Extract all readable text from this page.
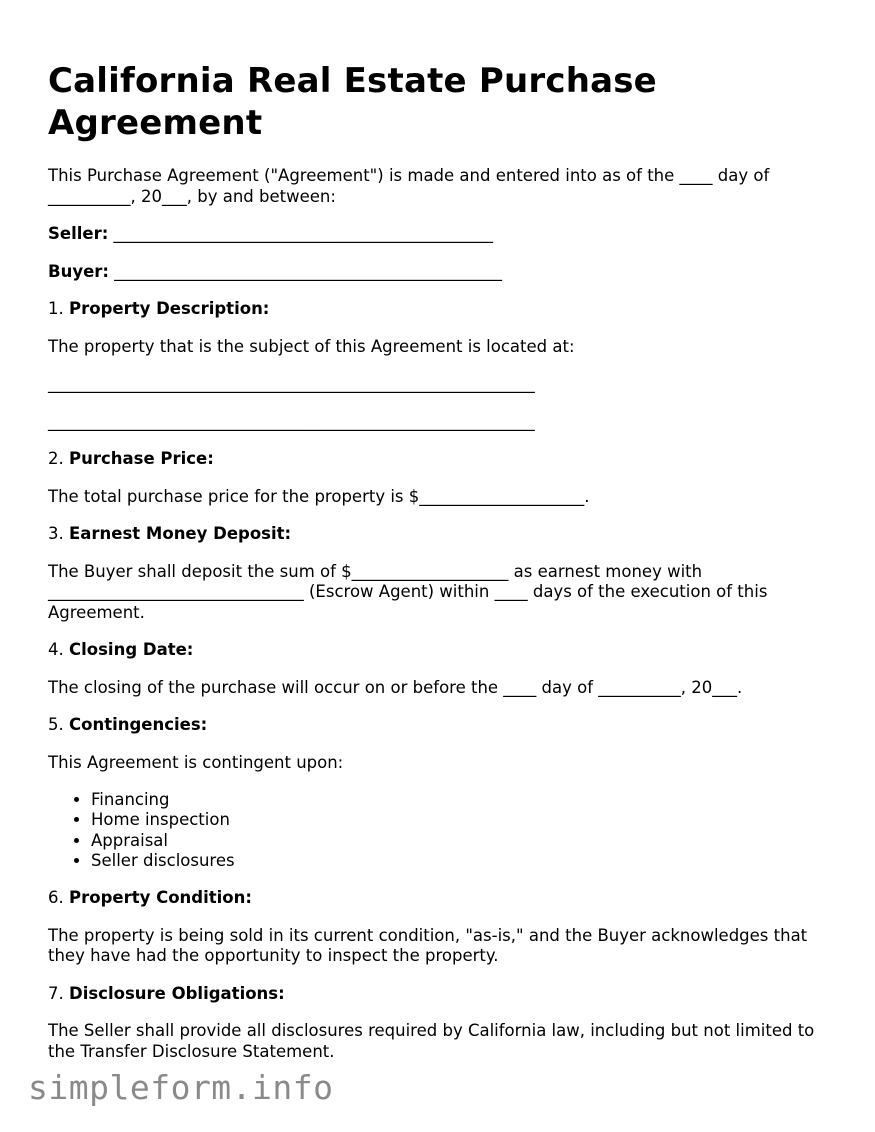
California Real Estate Purchase Agreement

This Purchase Agreement ("Agreement") is made and entered into as of the ____ day of __________, 20___, by and between:

Seller: ______________________________________________

Buyer: _______________________________________________

1. Property Description:

The property that is the subject of this Agreement is located at:

___________________________________________________________
___________________________________________________________

2. Purchase Price:

The total purchase price for the property is $____________________.

3. Earnest Money Deposit:

The Buyer shall deposit the sum of $___________________ as earnest money with _______________________________ (Escrow Agent) within ____ days of the execution of this Agreement.

4. Closing Date:

The closing of the purchase will occur on or before the ____ day of __________, 20___.

5. Contingencies:

This Agreement is contingent upon:

• Financing
• Home inspection
• Appraisal
• Seller disclosures

6. Property Condition:

The property is being sold in its current condition, "as-is," and the Buyer acknowledges that they have had the opportunity to inspect the property.

7. Disclosure Obligations:

The Seller shall provide all disclosures required by California law, including but not limited to the Transfer Disclosure Statement.

simpleform.info
